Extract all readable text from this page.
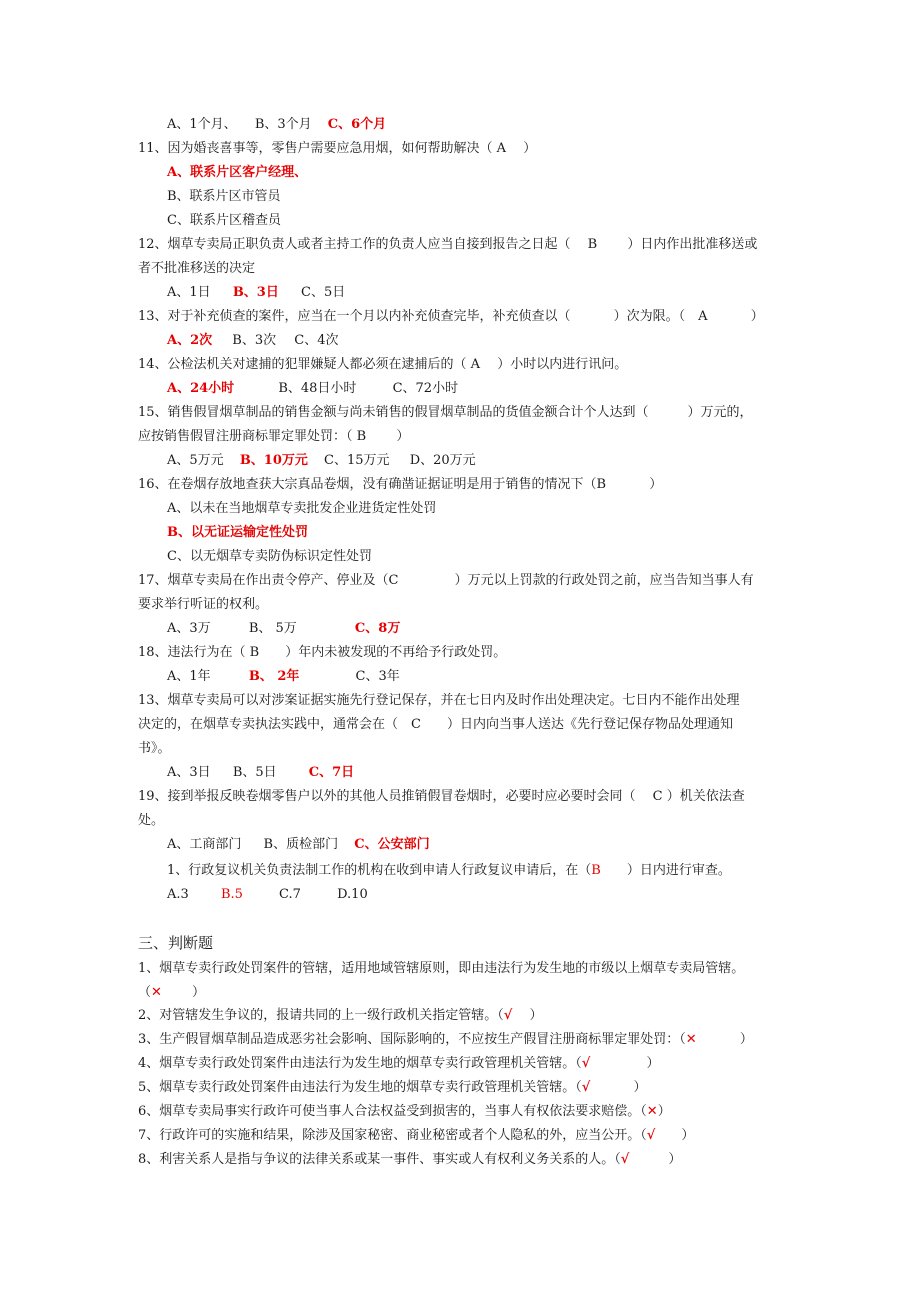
A、1个月、 B、3个月 C、6个月
11、因为婚丧喜事等，零售户需要应急用烟，如何帮助解决（ A　 ）
A、联系片区客户经理、
B、联系片区市管员
C、联系片区稽查员
12、烟草专卖局正职负责人或者主持工作的负责人应当自接到报告之日起（　 B　　 ）日内作出批准移送或
者不批准移送的决定
A、1日 B、3日 C、5日
13、对于补充侦查的案件，应当在一个月以内补充侦查完毕，补充侦查以（　　　 ）次为限。（　A　　　 ）
A、2次 B、3次 C、4次
14、公检法机关对逮捕的犯罪嫌疑人都必须在逮捕后的（ A　 ）小时以内进行讯问。
A、24小时	B、48日小时	C、72小时
15、销售假冒烟草制品的销售金额与尚未销售的假冒烟草制品的货值金额合计个人达到（　　　）万元的，
应按销售假冒注册商标罪定罪处罚：（ B　　 ）
A、5万元 B、10万元 C、15万元 D、20万元
16、在卷烟存放地查获大宗真品卷烟，没有确凿证据证明是用于销售的情况下（B　　　 ）
A、以未在当地烟草专卖批发企业进货定性处罚
B、以无证运输定性处罚
C、以无烟草专卖防伪标识定性处罚
17、烟草专卖局在作出责令停产、停业及（C　　　　 ）万元以上罚款的行政处罚之前，应当告知当事人有
要求举行听证的权利。
A、3万	B、 5万	C、8万
18、违法行为在（ B　　）年内未被发现的不再给予行政处罚。
A、1年	B、 2年	C、3年
13、烟草专卖局可以对涉案证据实施先行登记保存，并在七日内及时作出处理决定。七日内不能作出处理
决定的，在烟草专卖执法实践中，通常会在（　C　　）日内向当事人送达《先行登记保存物品处理通知
书》。
A、3日 B、5日 C、7日
19、接到举报反映卷烟零售户以外的其他人员推销假冒卷烟时，必要时应必要时会同（　 C ）机关依法查
处。
A、工商部门 B、质检部门 C、公安部门
1、行政复议机关负责法制工作的机构在收到申请人行政复议申请后，在（B　　）日内进行审查。
A.3 B.5	C.7	D.10
三、判断题
1、烟草专卖行政处罚案件的管辖，适用地域管辖原则，即由违法行为发生地的市级以上烟草专卖局管辖。
（✕　　 ）
2、对管辖发生争议的，报请共同的上一级行政机关指定管辖。（√　 ）
3、生产假冒烟草制品造成恶劣社会影响、国际影响的，不应按生产假冒注册商标罪定罪处罚：（✕　　　 ）
4、烟草专卖行政处罚案件由违法行为发生地的烟草专卖行政管理机关管辖。（√　　　　 ）
5、烟草专卖行政处罚案件由违法行为发生地的烟草专卖行政管理机关管辖。（√　　　 ）
6、烟草专卖局事实行政许可使当事人合法权益受到损害的，当事人有权依法要求赔偿。（✕）
7、行政许可的实施和结果，除涉及国家秘密、商业秘密或者个人隐私的外，应当公开。（√　　）
8、利害关系人是指与争议的法律关系或某一事件、事实或人有权利义务关系的人。（√　　　）
